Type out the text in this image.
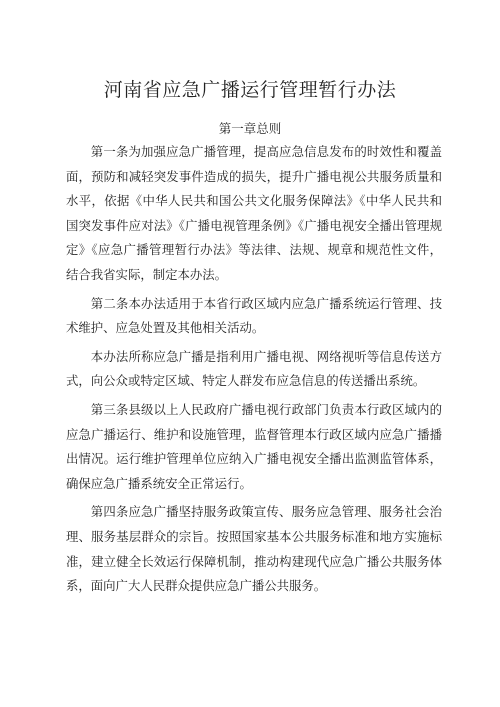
河南省应急广播运行管理暂行办法
第一章总则

第一条为加强应急广播管理，提高应急信息发布的时效性和覆盖面，预防和减轻突发事件造成的损失，提升广播电视公共服务质量和水平，依据《中华人民共和国公共文化服务保障法》《中华人民共和国突发事件应对法》《广播电视管理条例》《广播电视安全播出管理规定》《应急广播管理暂行办法》等法律、法规、规章和规范性文件，结合我省实际，制定本办法。

第二条本办法适用于本省行政区域内应急广播系统运行管理、技术维护、应急处置及其他相关活动。

本办法所称应急广播是指利用广播电视、网络视听等信息传送方式，向公众或特定区域、特定人群发布应急信息的传送播出系统。

第三条县级以上人民政府广播电视行政部门负责本行政区域内的应急广播运行、维护和设施管理，监督管理本行政区域内应急广播播出情况。运行维护管理单位应纳入广播电视安全播出监测监管体系，确保应急广播系统安全正常运行。

第四条应急广播坚持服务政策宣传、服务应急管理、服务社会治理、服务基层群众的宗旨。按照国家基本公共服务标准和地方实施标准，建立健全长效运行保障机制，推动构建现代应急广播公共服务体系，面向广大人民群众提供应急广播公共服务。
